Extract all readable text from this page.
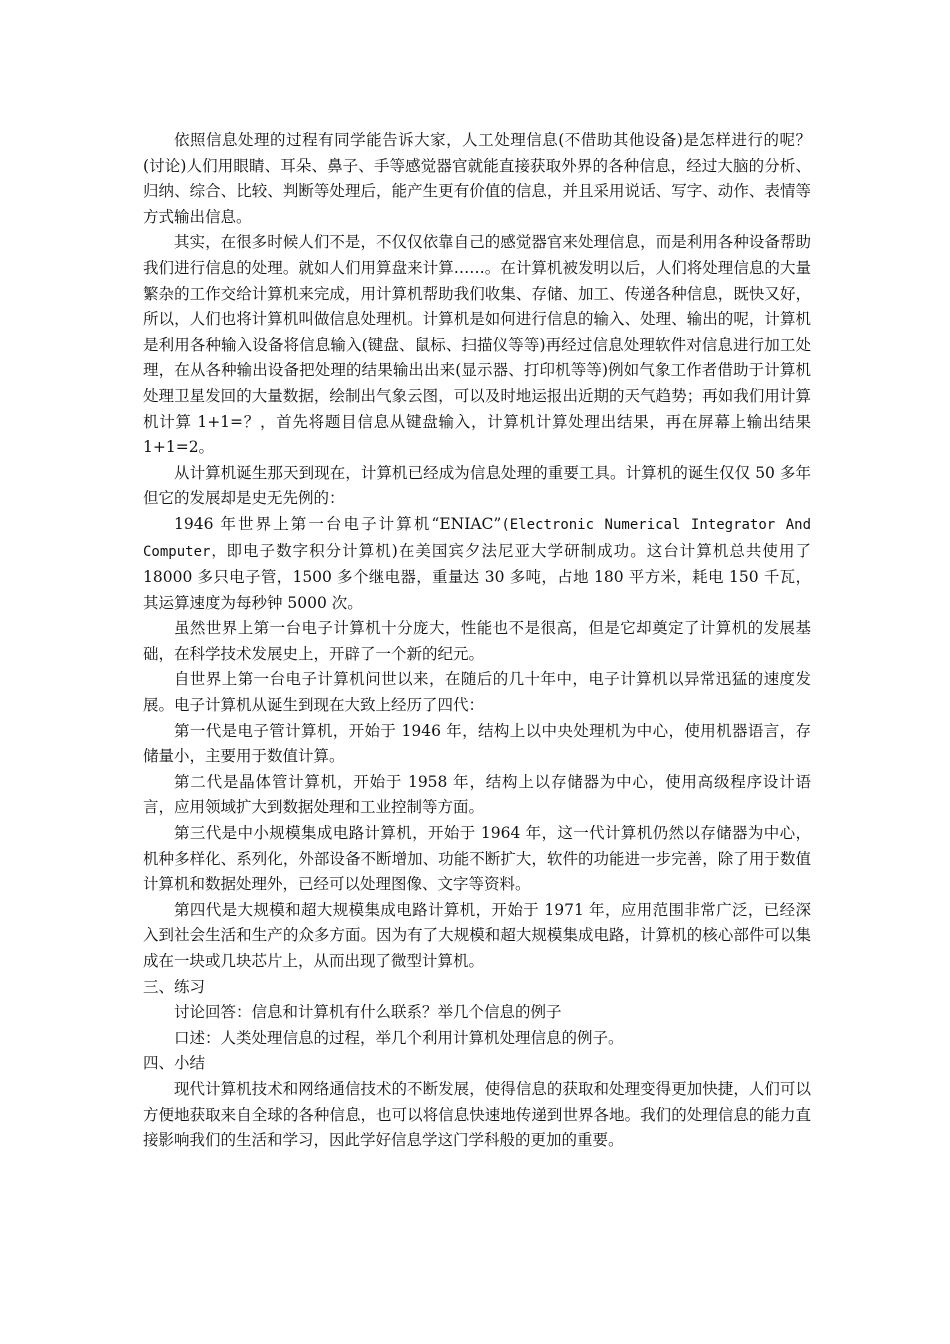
依照信息处理的过程有同学能告诉大家，人工处理信息(不借助其他设备)是怎样进行的呢？(讨论)人们用眼睛、耳朵、鼻子、手等感觉器官就能直接获取外界的各种信息，经过大脑的分析、归纳、综合、比较、判断等处理后，能产生更有价值的信息，并且采用说话、写字、动作、表情等方式输出信息。

其实，在很多时候人们不是，不仅仅依靠自己的感觉器官来处理信息，而是利用各种设备帮助我们进行信息的处理。就如人们用算盘来计算……。在计算机被发明以后，人们将处理信息的大量繁杂的工作交给计算机来完成，用计算机帮助我们收集、存储、加工、传递各种信息，既快又好，所以，人们也将计算机叫做信息处理机。计算机是如何进行信息的输入、处理、输出的呢，计算机是利用各种输入设备将信息输入(键盘、鼠标、扫描仪等等)再经过信息处理软件对信息进行加工处理，在从各种输出设备把处理的结果输出出来(显示器、打印机等等)例如气象工作者借助于计算机处理卫星发回的大量数据，绘制出气象云图，可以及时地运报出近期的天气趋势；再如我们用计算机计算 1+1=？，首先将题目信息从键盘输入，计算机计算处理出结果，再在屏幕上输出结果 1+1=2。

从计算机诞生那天到现在，计算机已经成为信息处理的重要工具。计算机的诞生仅仅 50 多年但它的发展却是史无先例的：

1946 年世界上第一台电子计算机“ENIAC”(Electronic Numerical Integrator And Computer，即电子数字积分计算机)在美国宾夕法尼亚大学研制成功。这台计算机总共使用了 18000 多只电子管，1500 多个继电器，重量达 30 多吨，占地 180 平方米，耗电 150 千瓦，其运算速度为每秒钟 5000 次。

虽然世界上第一台电子计算机十分庞大，性能也不是很高，但是它却奠定了计算机的发展基础，在科学技术发展史上，开辟了一个新的纪元。

自世界上第一台电子计算机问世以来，在随后的几十年中，电子计算机以异常迅猛的速度发展。电子计算机从诞生到现在大致上经历了四代：

第一代是电子管计算机，开始于 1946 年，结构上以中央处理机为中心，使用机器语言，存储量小，主要用于数值计算。

第二代是晶体管计算机，开始于 1958 年，结构上以存储器为中心，使用高级程序设计语言，应用领域扩大到数据处理和工业控制等方面。

第三代是中小规模集成电路计算机，开始于 1964 年，这一代计算机仍然以存储器为中心，机种多样化、系列化，外部设备不断增加、功能不断扩大，软件的功能进一步完善，除了用于数值计算机和数据处理外，已经可以处理图像、文字等资料。

第四代是大规模和超大规模集成电路计算机，开始于 1971 年，应用范围非常广泛，已经深入到社会生活和生产的众多方面。因为有了大规模和超大规模集成电路，计算机的核心部件可以集成在一块或几块芯片上，从而出现了微型计算机。

三、练习

讨论回答：信息和计算机有什么联系？举几个信息的例子

口述：人类处理信息的过程，举几个利用计算机处理信息的例子。

四、小结

现代计算机技术和网络通信技术的不断发展，使得信息的获取和处理变得更加快捷，人们可以方便地获取来自全球的各种信息，也可以将信息快速地传递到世界各地。我们的处理信息的能力直接影响我们的生活和学习，因此学好信息学这门学科般的更加的重要。
